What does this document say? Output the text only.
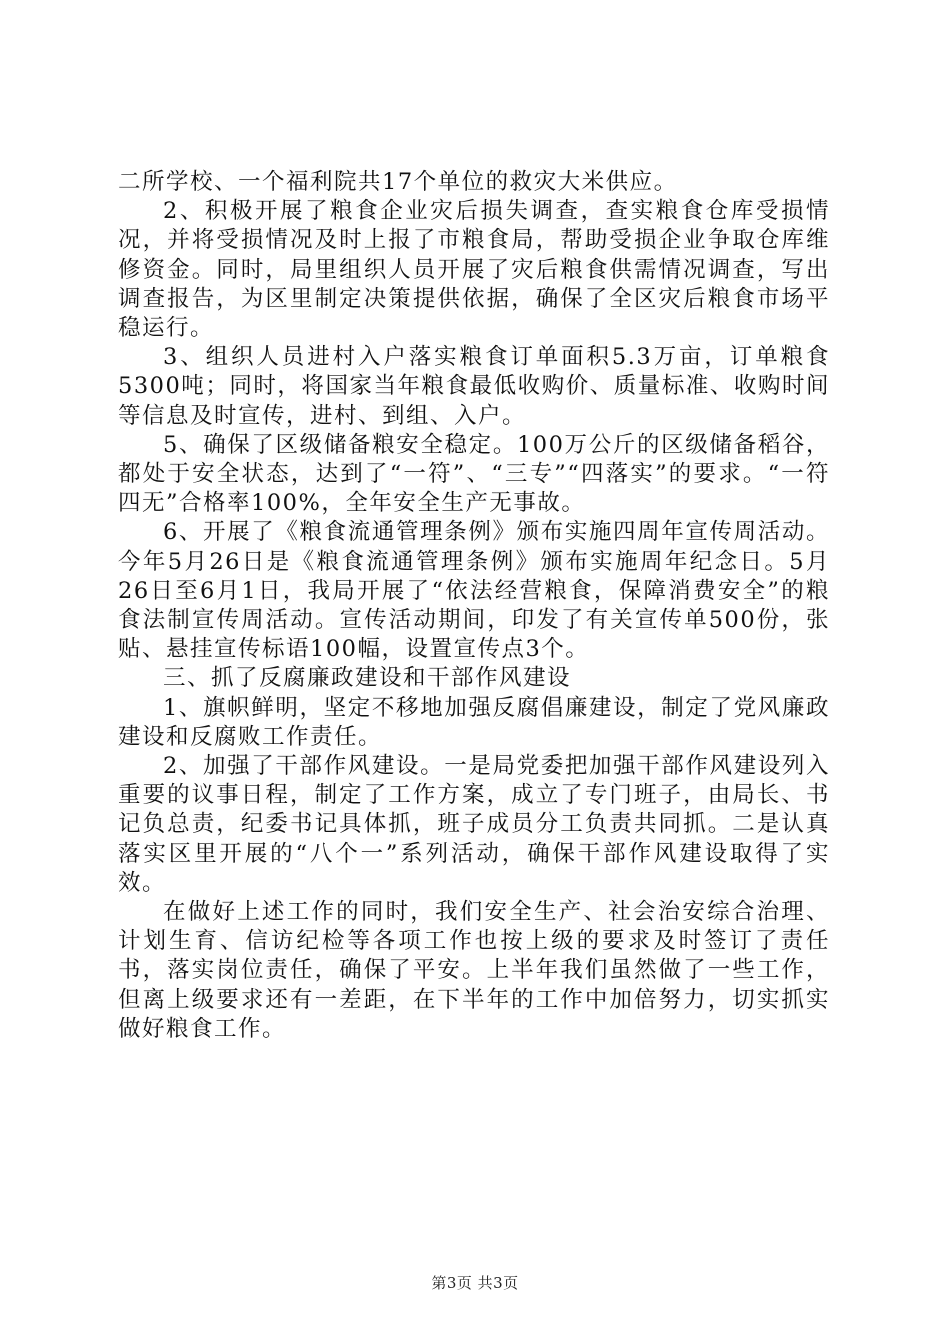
二所学校、一个福利院共17个单位的救灾大米供应。

2、积极开展了粮食企业灾后损失调查，查实粮食仓库受损情况，并将受损情况及时上报了市粮食局，帮助受损企业争取仓库维修资金。同时，局里组织人员开展了灾后粮食供需情况调查，写出调查报告，为区里制定决策提供依据，确保了全区灾后粮食市场平稳运行。

3、组织人员进村入户落实粮食订单面积5.3万亩，订单粮食5300吨；同时，将国家当年粮食最低收购价、质量标准、收购时间等信息及时宣传，进村、到组、入户。

5、确保了区级储备粮安全稳定。100万公斤的区级储备稻谷，都处于安全状态，达到了“一符”、“三专”“四落实”的要求。“一符四无”合格率100%，全年安全生产无事故。

6、开展了《粮食流通管理条例》颁布实施四周年宣传周活动。今年5月26日是《粮食流通管理条例》颁布实施周年纪念日。5月26日至6月1日，我局开展了“依法经营粮食，保障消费安全”的粮食法制宣传周活动。宣传活动期间，印发了有关宣传单500份，张贴、悬挂宣传标语100幅，设置宣传点3个。

三、抓了反腐廉政建设和干部作风建设

1、旗帜鲜明，坚定不移地加强反腐倡廉建设，制定了党风廉政建设和反腐败工作责任。

2、加强了干部作风建设。一是局党委把加强干部作风建设列入重要的议事日程，制定了工作方案，成立了专门班子，由局长、书记负总责，纪委书记具体抓，班子成员分工负责共同抓。二是认真落实区里开展的“八个一”系列活动，确保干部作风建设取得了实效。

在做好上述工作的同时，我们安全生产、社会治安综合治理、计划生育、信访纪检等各项工作也按上级的要求及时签订了责任书，落实岗位责任，确保了平安。上半年我们虽然做了一些工作，但离上级要求还有一差距，在下半年的工作中加倍努力，切实抓实做好粮食工作。

第3页 共3页
